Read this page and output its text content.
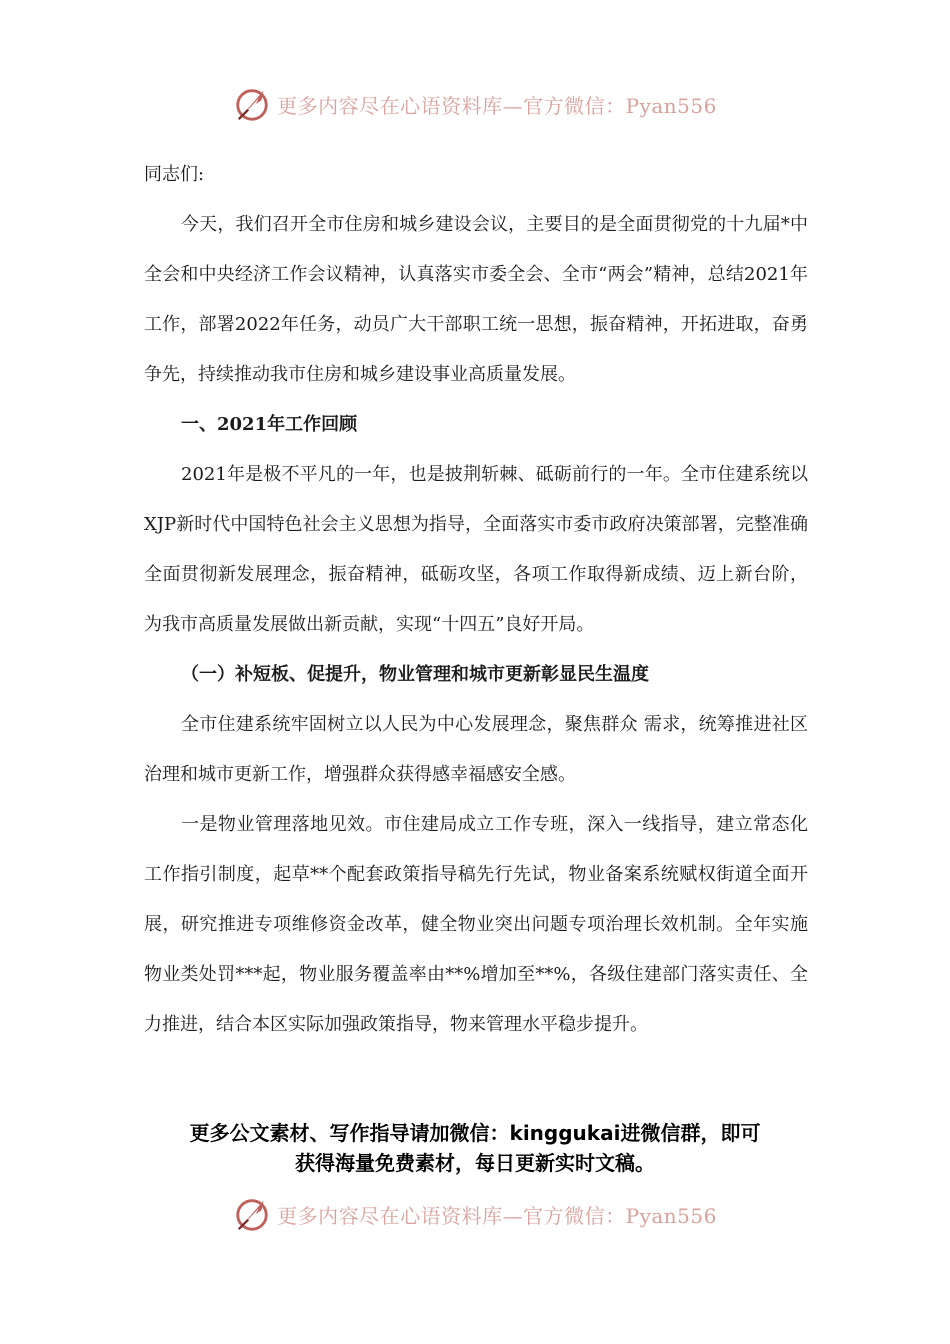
更多内容尽在心语资料库—官方微信：Pyan556

同志们:

今天，我们召开全市住房和城乡建设会议，主要目的是全面贯彻党的十九届*中全会和中央经济工作会议精神，认真落实市委全会、全市“两会”精神，总结2021年工作，部署2022年任务，动员广大干部职工统一思想，振奋精神，开拓进取，奋勇争先，持续推动我市住房和城乡建设事业高质量发展。

一、2021年工作回顾

2021年是极不平凡的一年，也是披荆斩棘、砥砺前行的一年。全市住建系统以XJP新时代中国特色社会主义思想为指导，全面落实市委市政府决策部署，完整准确全面贯彻新发展理念，振奋精神，砥砺攻坚，各项工作取得新成绩、迈上新台阶，为我市高质量发展做出新贡献，实现“十四五”良好开局。

（一）补短板、促提升，物业管理和城市更新彰显民生温度

全市住建系统牢固树立以人民为中心发展理念，聚焦群众 需求，统筹推进社区治理和城市更新工作，增强群众获得感幸福感安全感。

一是物业管理落地见效。市住建局成立工作专班，深入一线指导，建立常态化工作指引制度，起草**个配套政策指导稿先行先试，物业备案系统赋权街道全面开展，研究推进专项维修资金改革，健全物业突出问题专项治理长效机制。全年实施物业类处罚***起，物业服务覆盖率由**%增加至**%，各级住建部门落实责任、全力推进，结合本区实际加强政策指导，物来管理水平稳步提升。

更多公文素材、写作指导请加微信：kinggukai进微信群，即可
获得海量免费素材，每日更新实时文稿。
更多内容尽在心语资料库—官方微信：Pyan556
